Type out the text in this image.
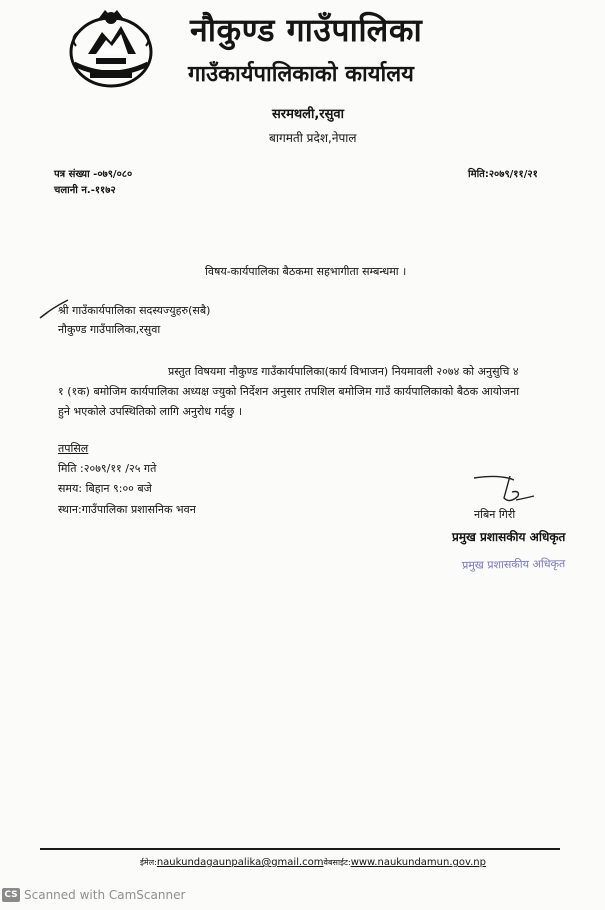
नौकुण्ड गाउँपालिका
गाउँकार्यपालिकाको कार्यालय
सरमथली,रसुवा
बागमती प्रदेश,नेपाल
पत्र संख्या -०७९/०८०
चलानी न.-११७२
मिति:२०७९/११/२१
विषय-कार्यपालिका बैठकमा सहभागीता सम्बन्धमा ।
श्री गाउँकार्यपालिका सदस्यज्युहरु(सबै)
नौकुण्ड गाउँपालिका,रसुवा
प्रस्तुत विषयमा नौकुण्ड गाउँकार्यपालिका(कार्य विभाजन) नियमावली २०७४ को अनुसुचि ४
१ (१क) बमोजिम कार्यपालिका अध्यक्ष ज्युको निर्देशन अनुसार तपशिल बमोजिम गाउँ कार्यपालिकाको बैठक आयोजना
हुने भएकोले उपस्थितिको लागि अनुरोध गर्दछु ।
तपसिल
मिति :२०७९/११ /२५ गते
समय: बिहान ९:०० बजे
स्थान:गाउँपालिका प्रशासनिक भवन	नबिन गिरी
प्रमुख प्रशासकीय अधिकृत
प्रमुख प्रशासकीय अधिकृत
ईमेल:naukundagaunpalika@gmail.comवेबसाईट:www.naukundamun.gov.np
CS Scanned with CamScanner
